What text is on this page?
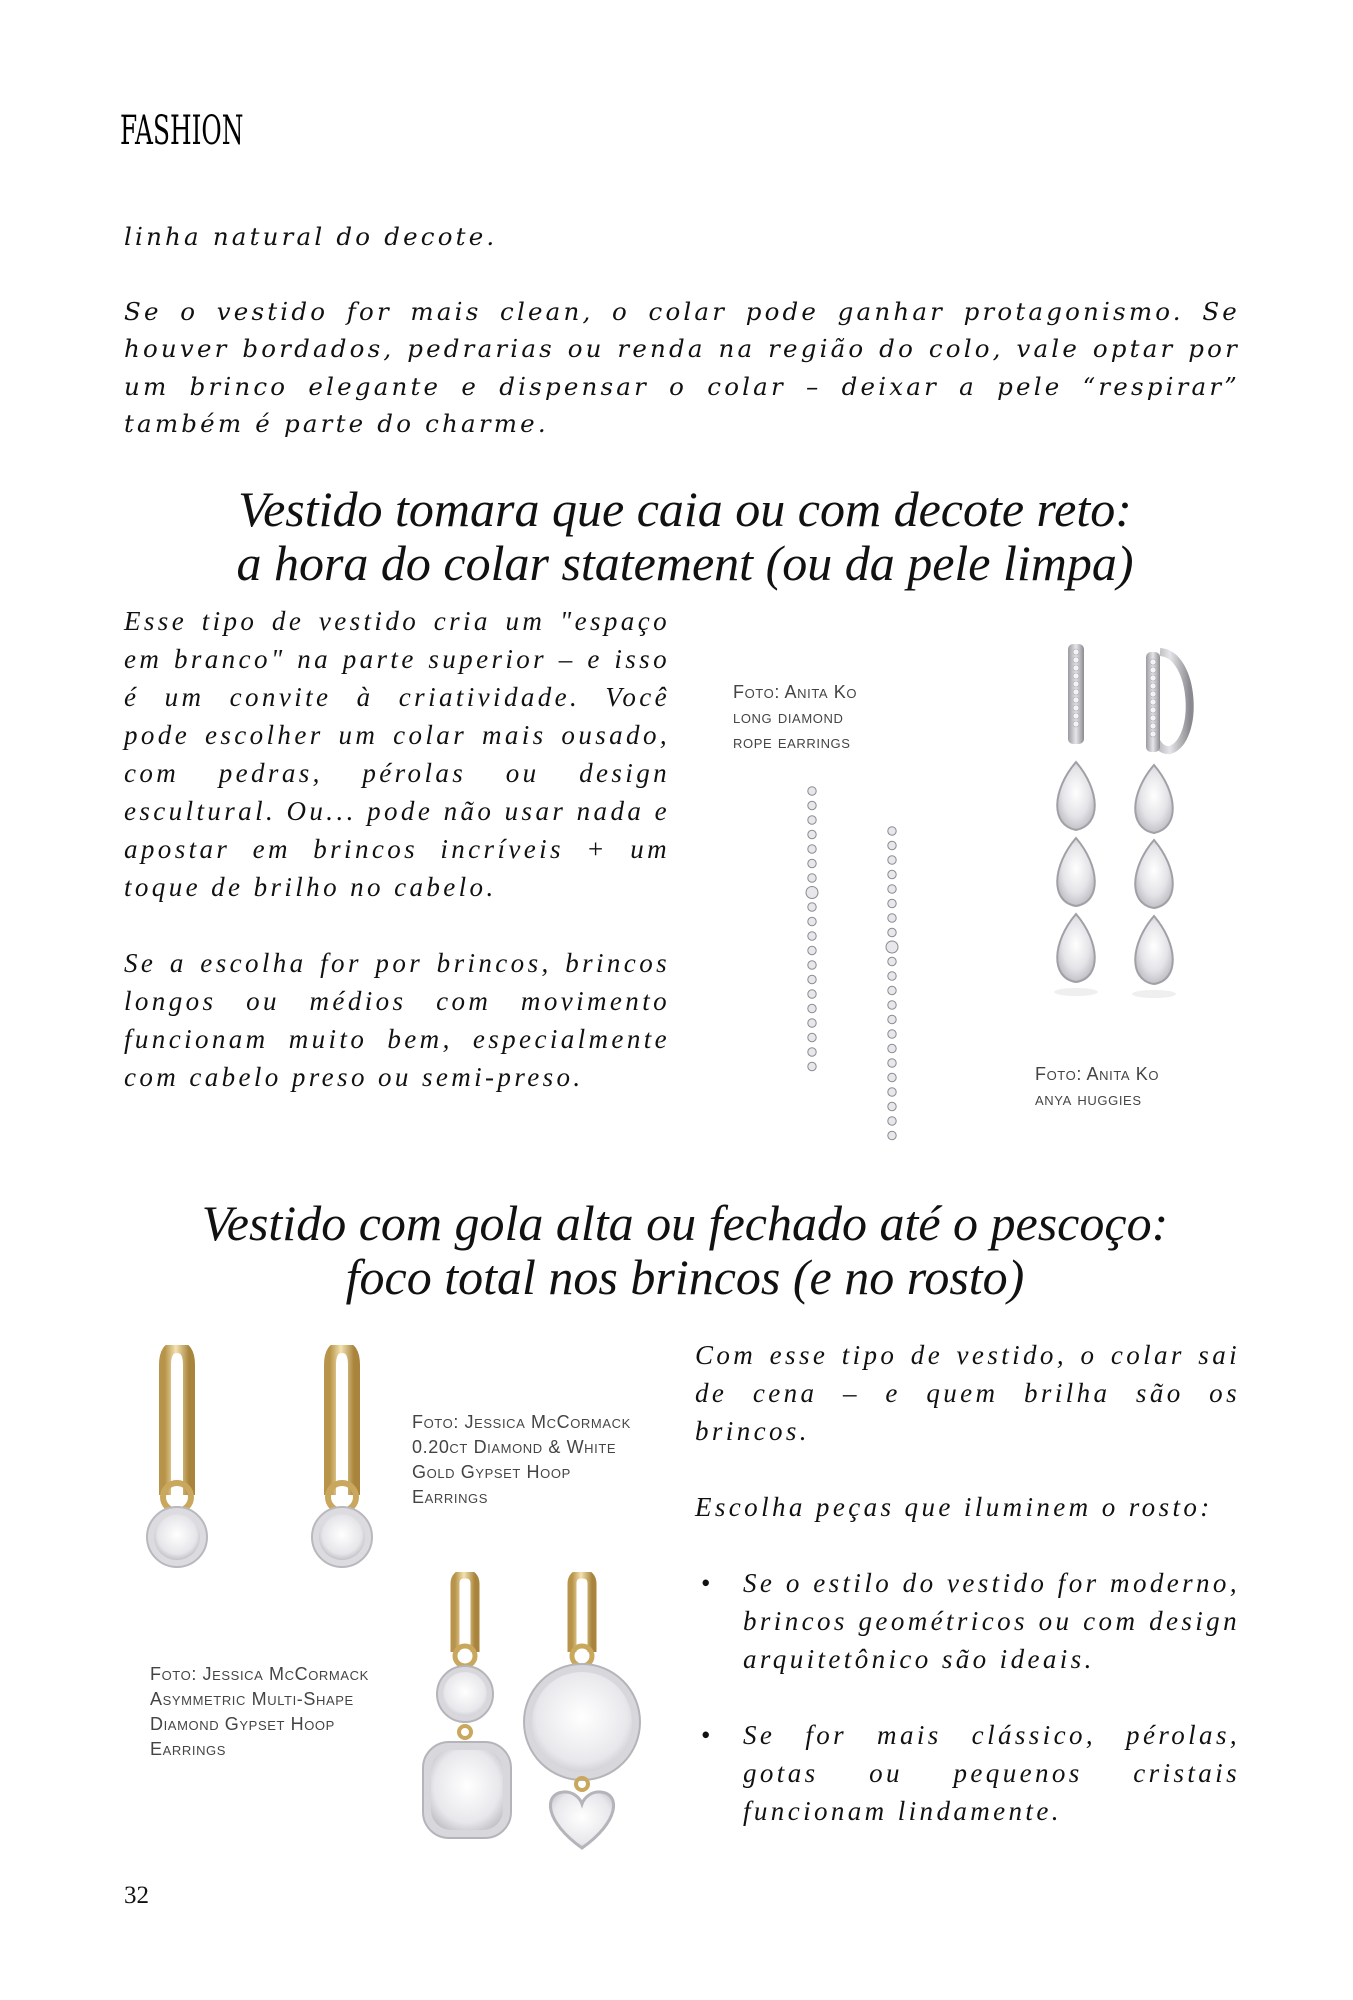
FASHION

linha natural do decote.

Se o vestido for mais clean, o colar pode ganhar protagonismo. Se houver bordados, pedrarias ou renda na região do colo, vale optar por um brinco elegante e dispensar o colar – deixar a pele “respirar” também é parte do charme.

Vestido tomara que caia ou com decote reto:
a hora do colar statement (ou da pele limpa)

Esse tipo de vestido cria um "espaço em branco" na parte superior – e isso é um convite à criatividade. Você pode escolher um colar mais ousado, com pedras, pérolas ou design escultural. Ou... pode não usar nada e apostar em brincos incríveis + um toque de brilho no cabelo.

Se a escolha for por brincos, brincos longos ou médios com movimento funcionam muito bem, especialmente com cabelo preso ou semi-preso.

Foto: Anita Ko
long diamond
rope earrings
Foto: Anita Ko
anya huggies
Vestido com gola alta ou fechado até o pescoço:
foco total nos brincos (e no rosto)
Foto: Jessica McCormack
0.20ct Diamond & White
Gold Gypset Hoop
Earrings
Foto: Jessica McCormack
Asymmetric Multi-Shape
Diamond Gypset Hoop
Earrings

Com esse tipo de vestido, o colar sai de cena – e quem brilha são os brincos.

Escolha peças que iluminem o rosto:

• Se o estilo do vestido for moderno, brincos geométricos ou com design arquitetônico são ideais.
• Se for mais clássico, pérolas, gotas ou pequenos cristais funcionam lindamente.
32
